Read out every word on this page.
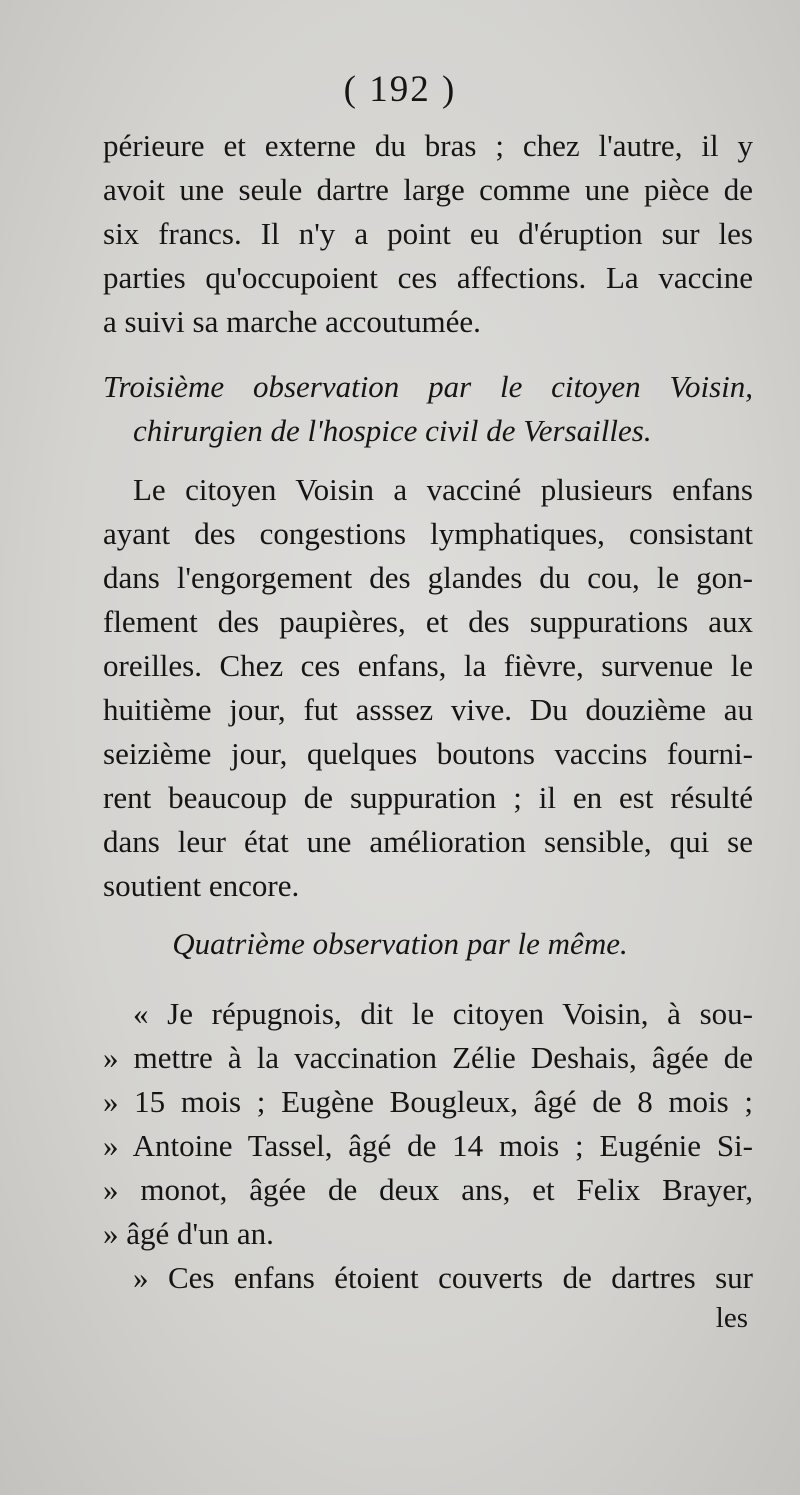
( 192 )
périeure et externe du bras ; chez l'autre, il y
avoit une seule dartre large comme une pièce de
six francs. Il n'y a point eu d'éruption sur les
parties qu'occupoient ces affections. La vaccine
a suivi sa marche accoutumée.
Troisième observation par le citoyen Voisin,
chirurgien de l'hospice civil de Versailles.
Le citoyen Voisin a vacciné plusieurs enfans
ayant des congestions lymphatiques, consistant
dans l'engorgement des glandes du cou, le gon-
flement des paupières, et des suppurations aux
oreilles. Chez ces enfans, la fièvre, survenue le
huitième jour, fut asssez vive. Du douzième au
seizième jour, quelques boutons vaccins fourni-
rent beaucoup de suppuration ; il en est résulté
dans leur état une amélioration sensible, qui se
soutient encore.
Quatrième observation par le même.
« Je répugnois, dit le citoyen Voisin, à sou-
» mettre à la vaccination Zélie Deshais, âgée de
» 15 mois ; Eugène Bougleux, âgé de 8 mois ;
» Antoine Tassel, âgé de 14 mois ; Eugénie Si-
» monot, âgée de deux ans, et Felix Brayer,
» âgé d'un an.
» Ces enfans étoient couverts de dartres sur
les
